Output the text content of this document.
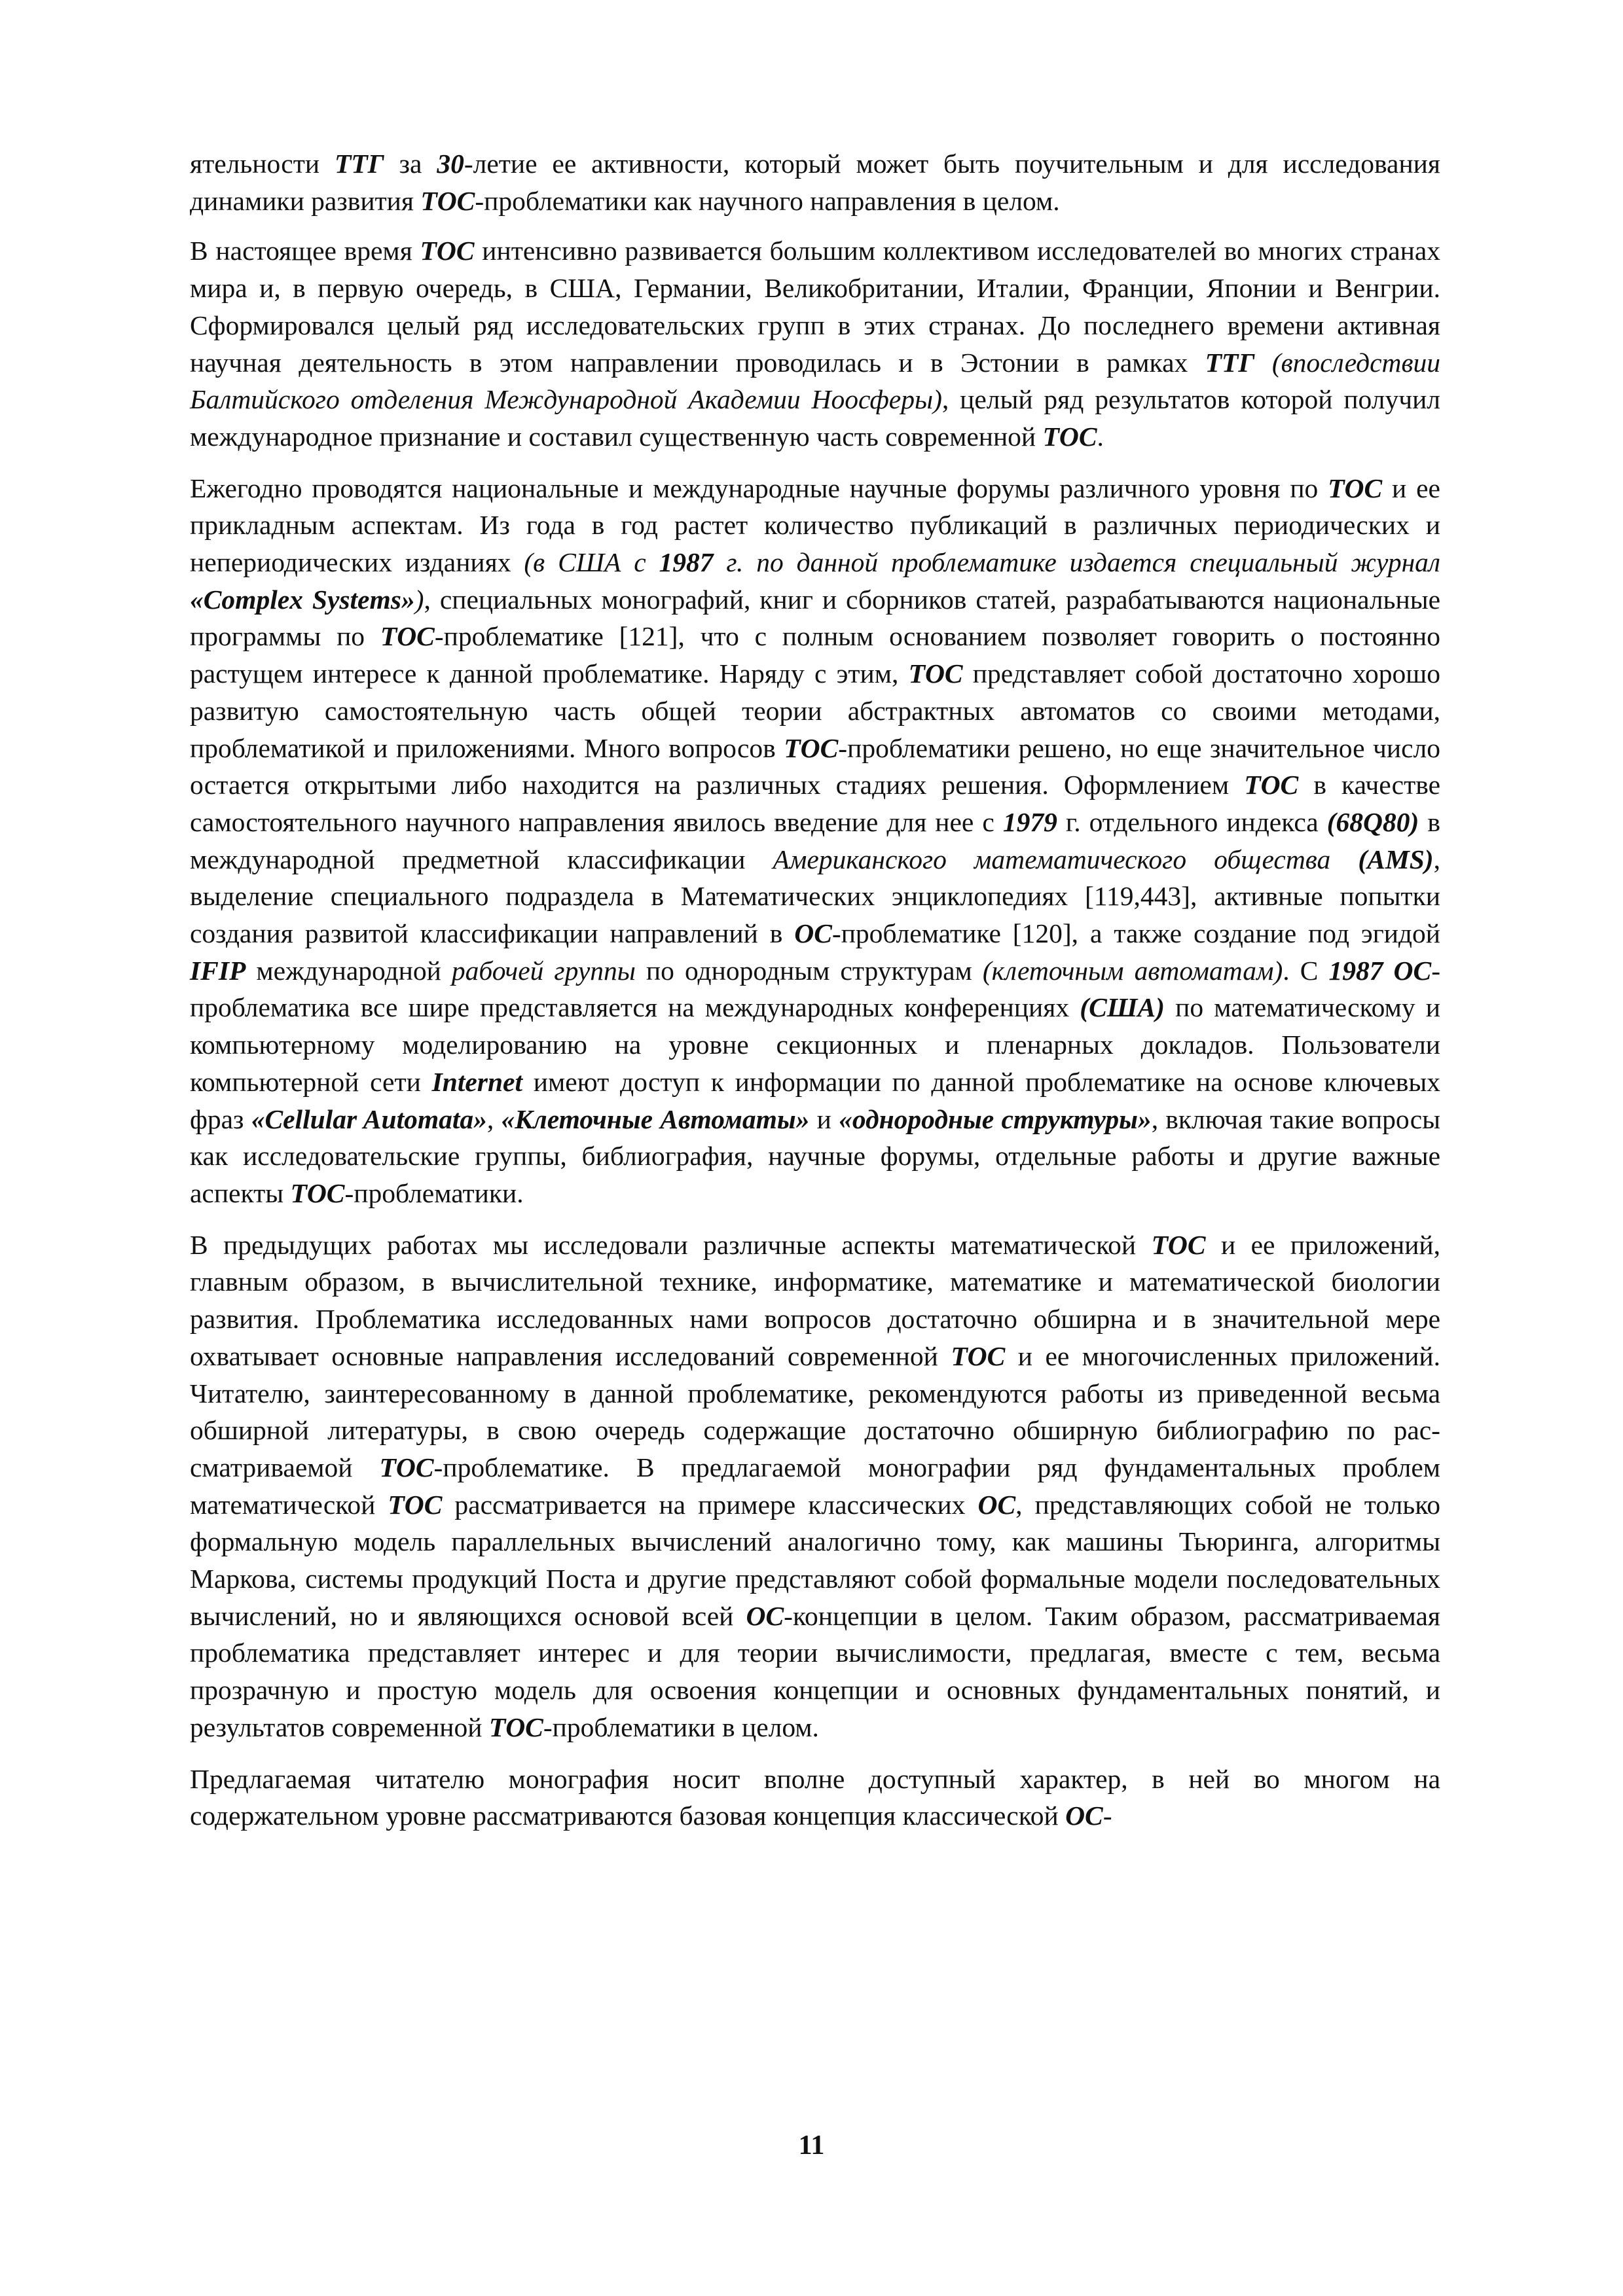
ятельности ТТГ за 30-летие ее активности, который может быть поучительным и для исследования динамики развития ТОС-проблематики как научного направления в целом.

В настоящее время ТОС интенсивно развивается большим коллективом исследователей во многих странах мира и, в первую очередь, в США, Германии, Великобритании, Италии, Франции, Японии и Венгрии. Сформировался целый ряд исследовательских групп в этих странах. До последнего времени активная научная деятельность в этом направлении проводилась и в Эстонии в рамках ТТГ (впоследствии Балтийского отделения Международной Академии Ноосферы), целый ряд результатов которой получил международное признание и составил существенную часть современной ТОС.

Ежегодно проводятся национальные и международные научные форумы различного уровня по ТОС и ее прикладным аспектам. Из года в год растет количество публикаций в различных периодических и непериодических изданиях (в США с 1987 г. по данной проблематике издается специальный журнал «Complex Systems»), специальных монографий, книг и сборников статей, разрабатываются национальные программы по ТОС-проблематике [121], что с полным основанием позволяет говорить о постоянно растущем интересе к данной проблематике. Наряду с этим, ТОС представляет собой достаточно хорошо развитую самостоятельную часть общей теории абстрактных автоматов со своими методами, проблематикой и приложениями. Много вопросов ТОС-проблематики решено, но еще значительное число остается открытыми либо находится на различных стадиях решения. Оформлением ТОС в качестве самостоятельного научного направления явилось введение для нее с 1979 г. отдельного индекса (68Q80) в международной предметной классификации Американского математического общества (AMS), выделение специального подраздела в Математических энциклопедиях [119,443], активные попытки создания развитой классификации направлений в ОС-проблематике [120], а также создание под эгидой IFIP международной рабочей группы по однородным структурам (клеточным автоматам). С 1987 ОС-проблематика все шире представляется на международных конференциях (США) по математическому и компьютерному моделированию на уровне секционных и пленарных докладов. Пользователи компьютерной сети Internet имеют доступ к информации по данной проблематике на основе ключевых фраз «Cellular Automata», «Клеточные Автоматы» и «однородные структуры», включая такие вопросы как исследовательские группы, библиография, научные форумы, отдельные работы и другие важные аспекты ТОС-проблематики.

В предыдущих работах мы исследовали различные аспекты математической ТОС и ее приложений, главным образом, в вычислительной технике, информатике, математике и математической биологии развития. Проблематика исследованных нами вопросов достаточно обширна и в значительной мере охватывает основные направления исследований современной ТОС и ее многочисленных приложений. Читателю, заинтересованному в данной проблематике, рекомендуются работы из приведенной весьма обширной литературы, в свою очередь содержащие достаточно обширную библиографию по рассматриваемой ТОС-проблематике. В предлагаемой монографии ряд фундаментальных проблем математической ТОС рассматривается на примере классических ОС, представляющих собой не только формальную модель параллельных вычислений аналогично тому, как машины Тьюринга, алгоритмы Маркова, системы продукций Поста и другие представляют собой формальные модели последовательных вычислений, но и являющихся основой всей ОС-концепции в целом. Таким образом, рассматриваемая проблематика представляет интерес и для теории вычислимости, предлагая, вместе с тем, весьма прозрачную и простую модель для освоения концепции и основных фундаментальных понятий, и результатов современной ТОС-проблематики в целом.

Предлагаемая читателю монография носит вполне доступный характер, в ней во многом на содержательном уровне рассматриваются базовая концепция классической ОС-

11
